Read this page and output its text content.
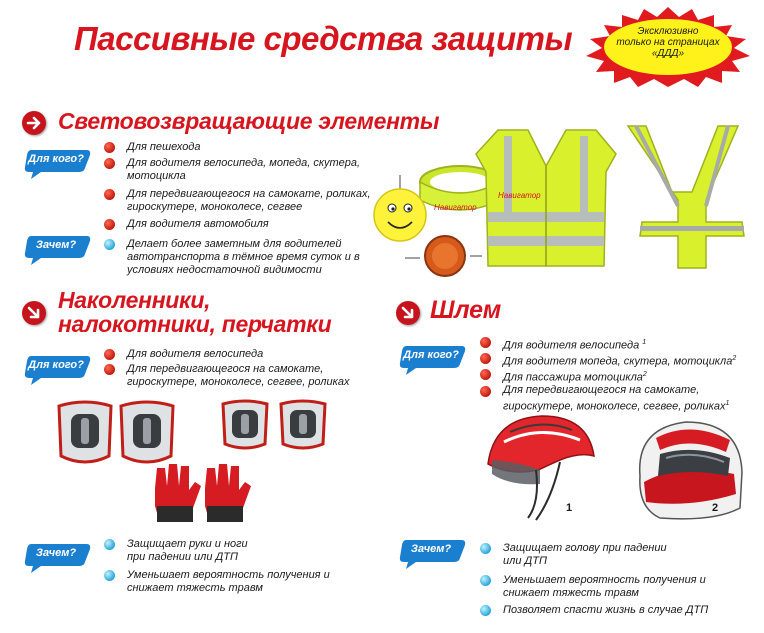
Пассивные средства защиты	Эксклюзивно
только на страницах
«ДДД»
Световозвращающие элементы
Для кого?
Для пешехода
Для водителя велосипеда, мопеда, скутера, мотоцикла
Для передвигающегося на самокате, роликах, гироскутере, моноколесе, сегвее
Для водителя автомобиля
Зачем?	Делает более заметным для водителей автотранспорта в тёмное время суток и в условиях недостаточной видимости
Навигатор
Навигатор
Наколенники,
налокотники, перчатки
Для кого?
Для водителя велосипеда
Для передвигающегося на самокате, гироскутере, моноколесе, сегвее, роликах
Зачем?
Защищает руки и ноги при падении или ДТП
Уменьшает вероятность получения и снижает тяжесть травм
Шлем
Для кого?
Для водителя велосипеда $^1$
Для водителя мопеда, скутера, мотоцикла$^2$
Для пассажира мотоцикла$^2$
Для передвигающегося на самокате, гироскутере, моноколесе, сегвее, роликах$^1$
1	2
Зачем?	Защищает голову при падении или ДТП
Уменьшает вероятность получения и снижает тяжесть травм
Позволяет спасти жизнь в случае ДТП
